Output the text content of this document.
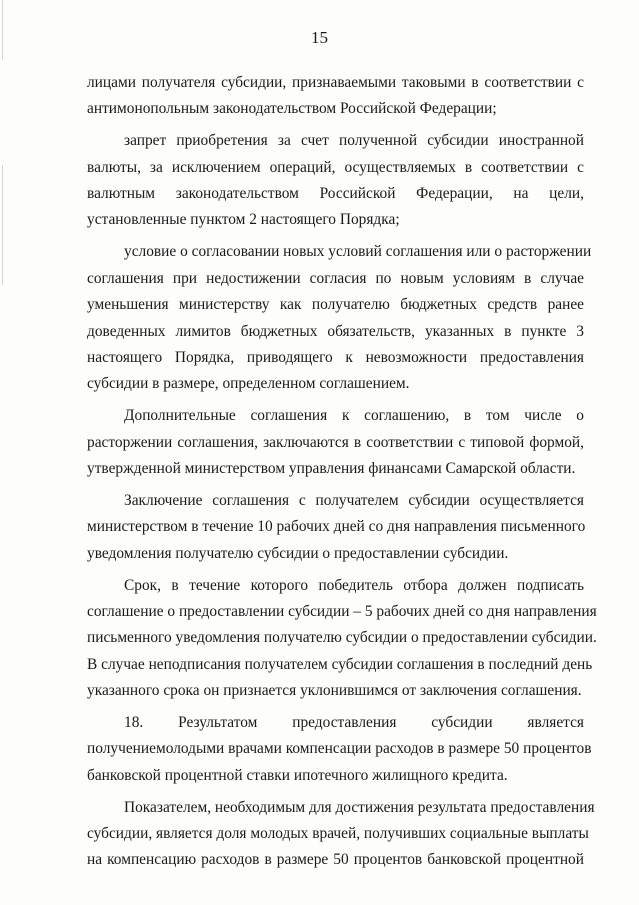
15
лицами получателя субсидии, признаваемыми таковыми в соответствии с
антимонопольным законодательством Российской Федерации;
запрет приобретения за счет полученной субсидии иностранной
валюты, за исключением операций, осуществляемых в соответствии с
валютным законодательством Российской Федерации, на цели,
установленные пунктом 2 настоящего Порядка;
условие о согласовании новых условий соглашения или о расторжении
соглашения при недостижении согласия по новым условиям в случае
уменьшения министерству как получателю бюджетных средств ранее
доведенных лимитов бюджетных обязательств, указанных в пункте 3
настоящего Порядка, приводящего к невозможности предоставления
субсидии в размере, определенном соглашением.
Дополнительные соглашения к соглашению, в том числе о
расторжении соглашения, заключаются в соответствии с типовой формой,
утвержденной министерством управления финансами Самарской области.
Заключение соглашения с получателем субсидии осуществляется
министерством в течение 10 рабочих дней со дня направления письменного
уведомления получателю субсидии о предоставлении субсидии.
Срок, в течение которого победитель отбора должен подписать
соглашение о предоставлении субсидии – 5 рабочих дней со дня направления
письменного уведомления получателю субсидии о предоставлении субсидии.
В случае неподписания получателем субсидии соглашения в последний день
указанного срока он признается уклонившимся от заключения соглашения.
18. Результатом предоставления субсидии является
получениемолодыми врачами компенсации расходов в размере 50 процентов
банковской процентной ставки ипотечного жилищного кредита.
Показателем, необходимым для достижения результата предоставления
субсидии, является доля молодых врачей, получивших социальные выплаты
на компенсацию расходов в размере 50 процентов банковской процентной
